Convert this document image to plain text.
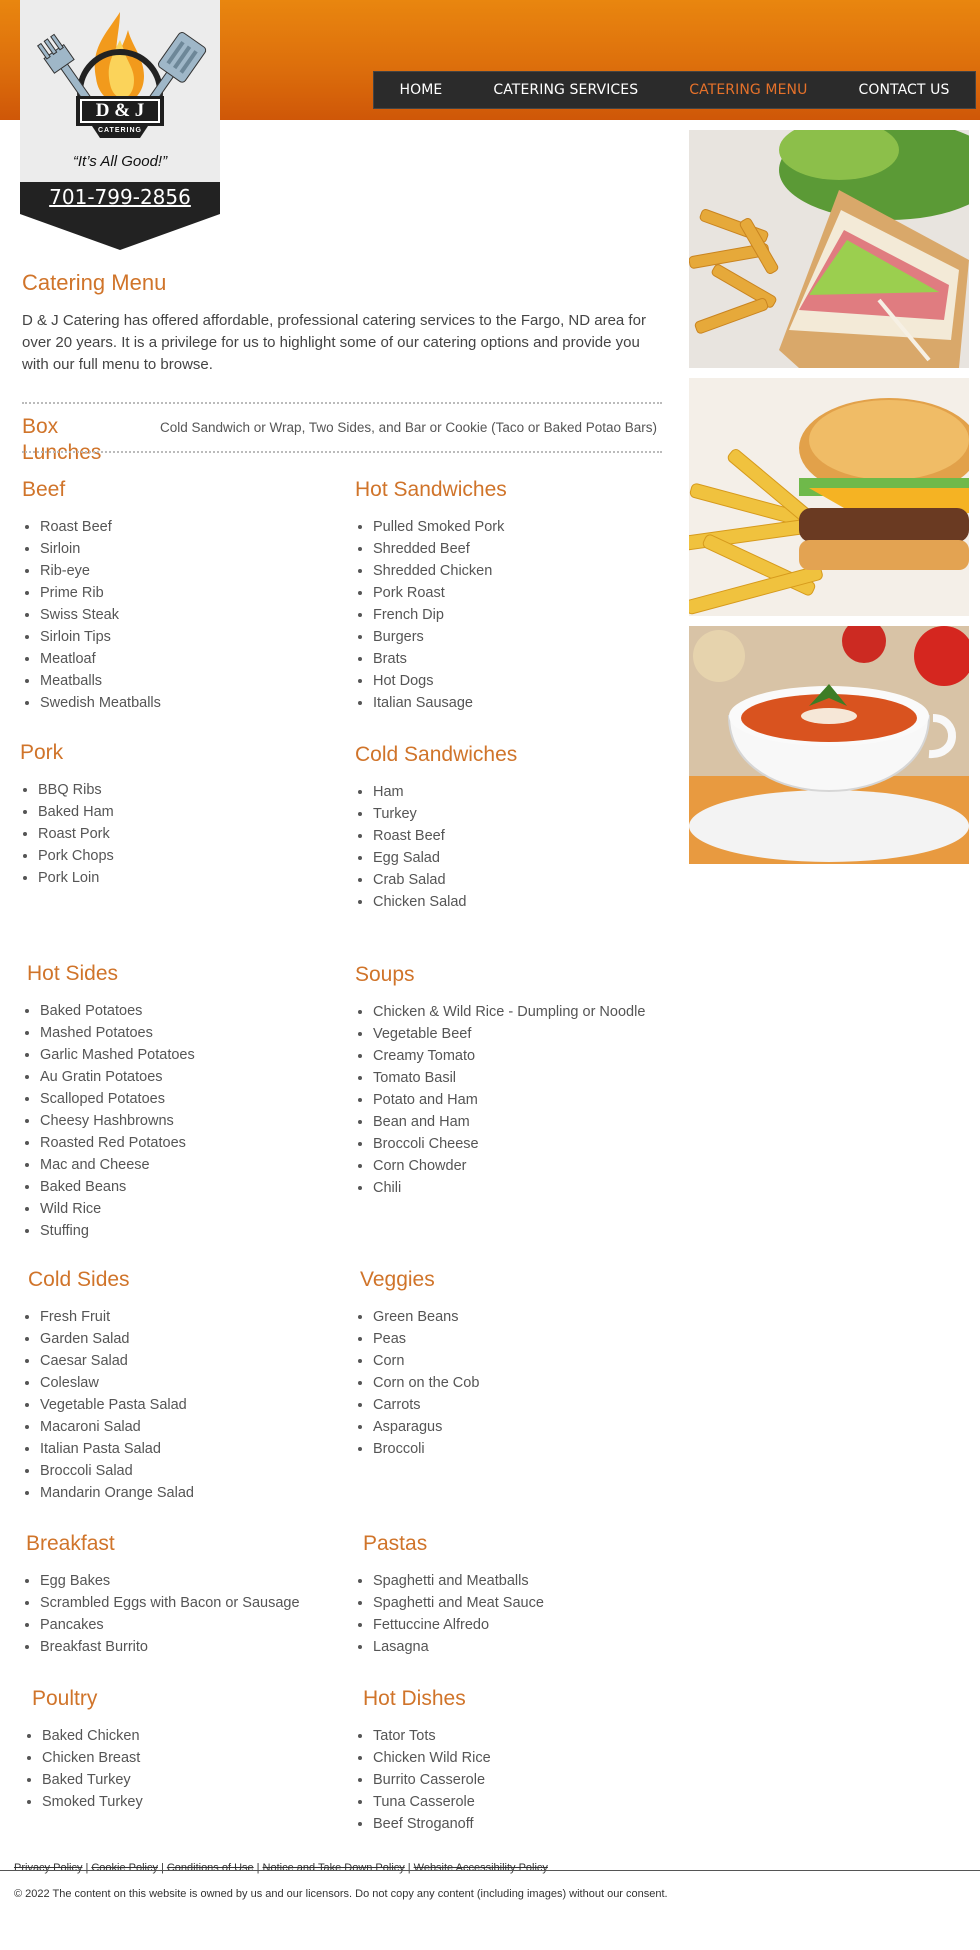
HOME	CATERING SERVICES	CATERING MENU	CONTACT US
D & J
CATERING
“It’s All Good!”
701-799-2856
Catering Menu

D & J Catering has offered affordable, professional catering services to the Fargo, ND area for over 20 years. It is a privilege for us to highlight some of our catering options and provide you with our full menu to browse.

Box Lunches
Cold Sandwich or Wrap, Two Sides, and Bar or Cookie (Taco or Baked Potao Bars)
Beef
• Roast Beef
• Sirloin
• Rib-eye
• Prime Rib
• Swiss Steak
• Sirloin Tips
• Meatloaf
• Meatballs
• Swedish Meatballs
Hot Sandwiches
• Pulled Smoked Pork
• Shredded Beef
• Shredded Chicken
• Pork Roast
• French Dip
• Burgers
• Brats
• Hot Dogs
• Italian Sausage
Pork
• BBQ Ribs
• Baked Ham
• Roast Pork
• Pork Chops
• Pork Loin
Cold Sandwiches
• Ham
• Turkey
• Roast Beef
• Egg Salad
• Crab Salad
• Chicken Salad
Hot Sides
• Baked Potatoes
• Mashed Potatoes
• Garlic Mashed Potatoes
• Au Gratin Potatoes
• Scalloped Potatoes
• Cheesy Hashbrowns
• Roasted Red Potatoes
• Mac and Cheese
• Baked Beans
• Wild Rice
• Stuffing
Soups
• Chicken & Wild Rice - Dumpling or Noodle
• Vegetable Beef
• Creamy Tomato
• Tomato Basil
• Potato and Ham
• Bean and Ham
• Broccoli Cheese
• Corn Chowder
• Chili
Cold Sides
• Fresh Fruit
• Garden Salad
• Caesar Salad
• Coleslaw
• Vegetable Pasta Salad
• Macaroni Salad
• Italian Pasta Salad
• Broccoli Salad
• Mandarin Orange Salad
Veggies
• Green Beans
• Peas
• Corn
• Corn on the Cob
• Carrots
• Asparagus
• Broccoli
Breakfast
• Egg Bakes
• Scrambled Eggs with Bacon or Sausage
• Pancakes
• Breakfast Burrito
Pastas
• Spaghetti and Meatballs
• Spaghetti and Meat Sauce
• Fettuccine Alfredo
• Lasagna
Poultry
• Baked Chicken
• Chicken Breast
• Baked Turkey
• Smoked Turkey
Hot Dishes
• Tator Tots
• Chicken Wild Rice
• Burrito Casserole
• Tuna Casserole
• Beef Stroganoff
Privacy Policy | Cookie Policy | Conditions of Use | Notice and Take Down Policy | Website Accessibility Policy
© 2022 The content on this website is owned by us and our licensors. Do not copy any content (including images) without our consent.
